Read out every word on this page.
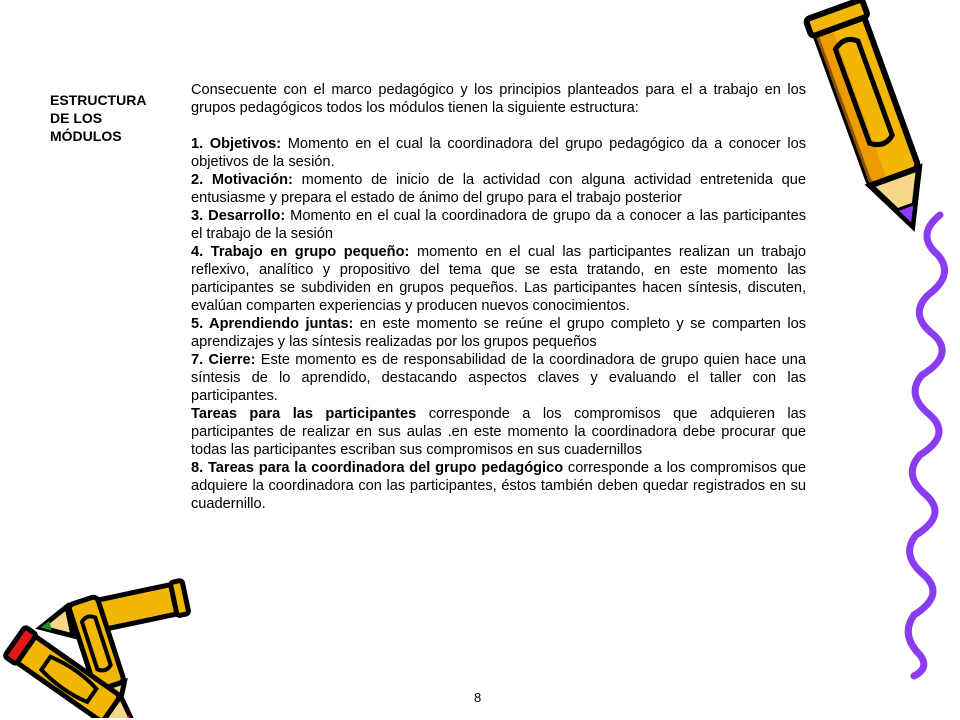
ESTRUCTURA
DE LOS
MÓDULOS

Consecuente con el marco pedagógico y los principios planteados para el a trabajo en los grupos pedagógicos todos los módulos tienen la siguiente estructura:

1. Objetivos: Momento en el cual la coordinadora del grupo pedagógico da a conocer los objetivos de la sesión.

2. Motivación: momento de inicio de la actividad con alguna actividad entretenida que entusiasme y prepara el estado de ánimo del grupo para el trabajo posterior

3. Desarrollo: Momento en el cual la coordinadora de grupo da a conocer a las participantes el trabajo de la sesión

4. Trabajo en grupo pequeño: momento en el cual las participantes realizan un trabajo reflexivo, analítico y propositivo del tema que se esta tratando, en este momento las participantes se subdividen en grupos pequeños. Las participantes hacen síntesis, discuten, evalúan comparten experiencias y producen nuevos conocimientos.

5. Aprendiendo juntas: en este momento se reúne el grupo completo y se comparten los aprendizajes y las síntesis realizadas por los grupos pequeños

7. Cierre: Este momento es de responsabilidad de la coordinadora de grupo quien hace una síntesis de lo aprendido, destacando aspectos claves y evaluando el taller con las participantes.

Tareas para las participantes corresponde a los compromisos que adquieren las participantes de realizar en sus aulas .en este momento la coordinadora debe procurar que todas las participantes escriban sus compromisos en sus cuadernillos

8. Tareas para la coordinadora del grupo pedagógico corresponde a los compromisos que adquiere la coordinadora con las participantes, éstos también deben quedar registrados en su cuadernillo.

8
